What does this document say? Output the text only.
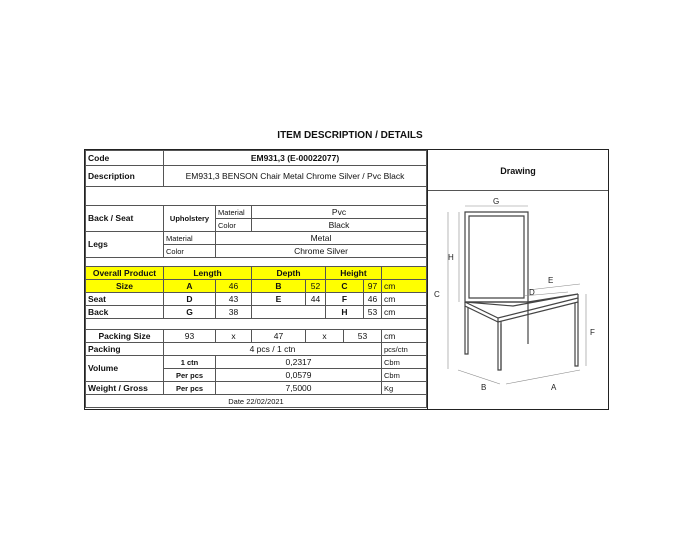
ITEM DESCRIPTION / DETAILS
Code	EM931,3 (E-00022077)							
Description	EM931,3 BENSON Chair Metal Chrome Silver / Pvc Black							

Back / Seat	Upholstery	Material	Pvc					
		Color	Black					
Legs	Material	Metal						
	Color	Chrome Silver						

Overall Product	Length		Depth		Height			
Size	A	46	B	52	C		97	cm
Seat	D	43	E	44	F		46	cm
Back	G	38			H		53	cm

Packing Size	93	x	47	x		53		cm
Packing	4 pcs / 1 ctn							pcs/ctn
Volume	1 ctn	0,2317						Cbm
	Per pcs	0,0579						Cbm
Weight / Gross	Per pcs	7,5000						Kg
Date 22/02/2021								
Drawing
G
H
C
E
D
F
B	A
